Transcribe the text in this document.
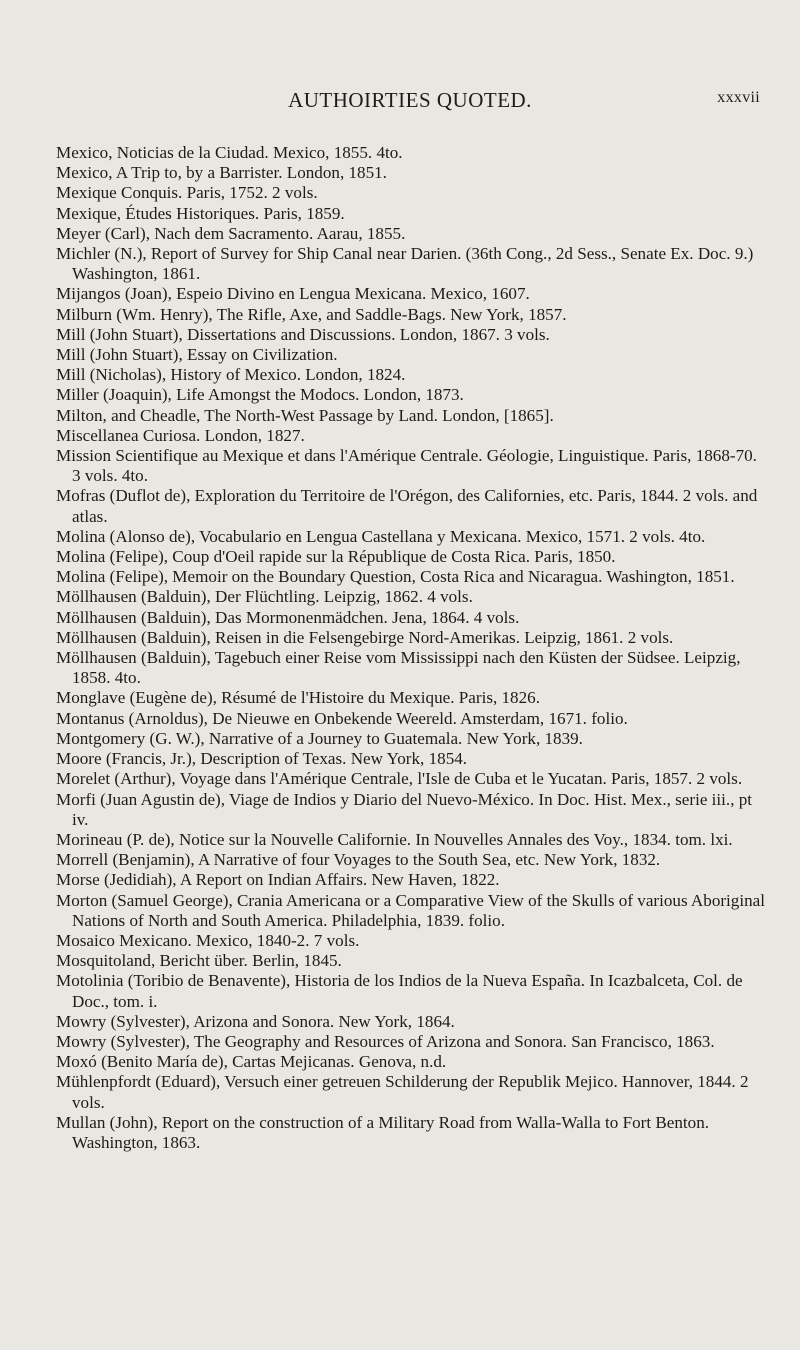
AUTHOIRTIES QUOTED.	xxxvii
Mexico, Noticias de la Ciudad. Mexico, 1855. 4to.
Mexico, A Trip to, by a Barrister. London, 1851.
Mexique Conquis. Paris, 1752. 2 vols.
Mexique, Études Historiques. Paris, 1859.
Meyer (Carl), Nach dem Sacramento. Aarau, 1855.
Michler (N.), Report of Survey for Ship Canal near Darien. (36th Cong., 2d Sess., Senate Ex. Doc. 9.) Washington, 1861.
Mijangos (Joan), Espeio Divino en Lengua Mexicana. Mexico, 1607.
Milburn (Wm. Henry), The Rifle, Axe, and Saddle-Bags. New York, 1857.
Mill (John Stuart), Dissertations and Discussions. London, 1867. 3 vols.
Mill (John Stuart), Essay on Civilization.
Mill (Nicholas), History of Mexico. London, 1824.
Miller (Joaquin), Life Amongst the Modocs. London, 1873.
Milton, and Cheadle, The North-West Passage by Land. London, [1865].
Miscellanea Curiosa. London, 1827.
Mission Scientifique au Mexique et dans l'Amérique Centrale. Géologie, Linguistique. Paris, 1868-70. 3 vols. 4to.
Mofras (Duflot de), Exploration du Territoire de l'Orégon, des Californies, etc. Paris, 1844. 2 vols. and atlas.
Molina (Alonso de), Vocabulario en Lengua Castellana y Mexicana. Mexico, 1571. 2 vols. 4to.
Molina (Felipe), Coup d'Oeil rapide sur la République de Costa Rica. Paris, 1850.
Molina (Felipe), Memoir on the Boundary Question, Costa Rica and Nicaragua. Washington, 1851.
Möllhausen (Balduin), Der Flüchtling. Leipzig, 1862. 4 vols.
Möllhausen (Balduin), Das Mormonenmädchen. Jena, 1864. 4 vols.
Möllhausen (Balduin), Reisen in die Felsengebirge Nord-Amerikas. Leipzig, 1861. 2 vols.
Möllhausen (Balduin), Tagebuch einer Reise vom Mississippi nach den Küsten der Südsee. Leipzig, 1858. 4to.
Monglave (Eugène de), Résumé de l'Histoire du Mexique. Paris, 1826.
Montanus (Arnoldus), De Nieuwe en Onbekende Weereld. Amsterdam, 1671. folio.
Montgomery (G. W.), Narrative of a Journey to Guatemala. New York, 1839.
Moore (Francis, Jr.), Description of Texas. New York, 1854.
Morelet (Arthur), Voyage dans l'Amérique Centrale, l'Isle de Cuba et le Yucatan. Paris, 1857. 2 vols.
Morfi (Juan Agustin de), Viage de Indios y Diario del Nuevo-México. In Doc. Hist. Mex., serie iii., pt iv.
Morineau (P. de), Notice sur la Nouvelle Californie. In Nouvelles Annales des Voy., 1834. tom. lxi.
Morrell (Benjamin), A Narrative of four Voyages to the South Sea, etc. New York, 1832.
Morse (Jedidiah), A Report on Indian Affairs. New Haven, 1822.
Morton (Samuel George), Crania Americana or a Comparative View of the Skulls of various Aboriginal Nations of North and South America. Philadelphia, 1839. folio.
Mosaico Mexicano. Mexico, 1840-2. 7 vols.
Mosquitoland, Bericht über. Berlin, 1845.
Motolinia (Toribio de Benavente), Historia de los Indios de la Nueva España. In Icazbalceta, Col. de Doc., tom. i.
Mowry (Sylvester), Arizona and Sonora. New York, 1864.
Mowry (Sylvester), The Geography and Resources of Arizona and Sonora. San Francisco, 1863.
Moxó (Benito María de), Cartas Mejicanas. Genova, n.d.
Mühlenpfordt (Eduard), Versuch einer getreuen Schilderung der Republik Mejico. Hannover, 1844. 2 vols.
Mullan (John), Report on the construction of a Military Road from Walla-Walla to Fort Benton. Washington, 1863.
